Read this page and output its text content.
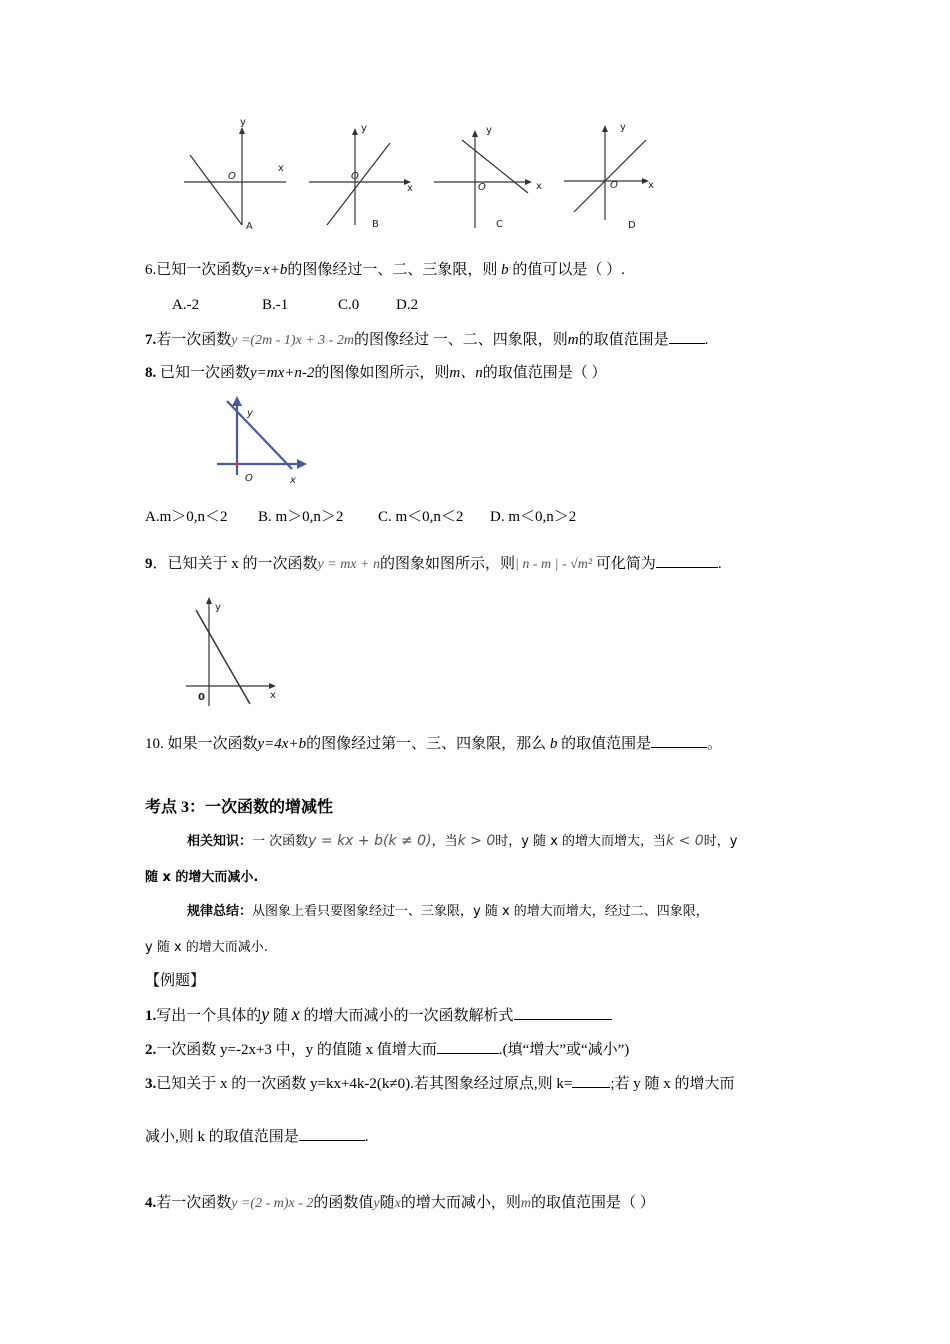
y
x
O
A
y
x
O
B
y
x
O
C
y
x
O
D
6.已知一次函数y=x+b的图像经过一、二、三象限，则 b 的值可以是（ ）.
A.-2	B.-1	C.0 D.2
7.若一次函数y =(2m - 1)x + 3 - 2m的图像经过 一、二、四象限，则m的取值范围是 .
8. 已知一次函数y=mx+n-2的图像如图所示，则m、n的取值范围是（ ）
y
O	x
A.m＞0,n＜2 B. m＞0,n＞2 C. m＜0,n＜2 D. m＜0,n＞2
9．已知关于 x 的一次函数y = mx + n的图象如图所示，则| n - m | - √m² 可化简为	.
y
0	x
10. 如果一次函数y=4x+b的图像经过第一、三、四象限，那么 b 的取值范围是	。
考点 3：一次函数的增减性
相关知识：一 次函数y = kx + b(k ≠ 0)，当k > 0时，y 随 x 的增大而增大，当k < 0时，y
随 x 的增大而减小.
规律总结：从图象上看只要图象经过一、三象限，y 随 x 的增大而增大，经过二、四象限，
y 随 x 的增大而减小.
【例题】
1.写出一个具体的y 随 x 的增大而减小的一次函数解析式
2.一次函数 y=-2x+3 中，y 的值随 x 值增大而	.(填“增大”或“减小”)
3.已知关于 x 的一次函数 y=kx+4k-2(k≠0).若其图象经过原点,则 k=	;若 y 随 x 的增大而
减小,则 k 的取值范围是	.
4.若一次函数y =(2 - m)x - 2的函数值y随x的增大而减小，则m的取值范围是（ ）
